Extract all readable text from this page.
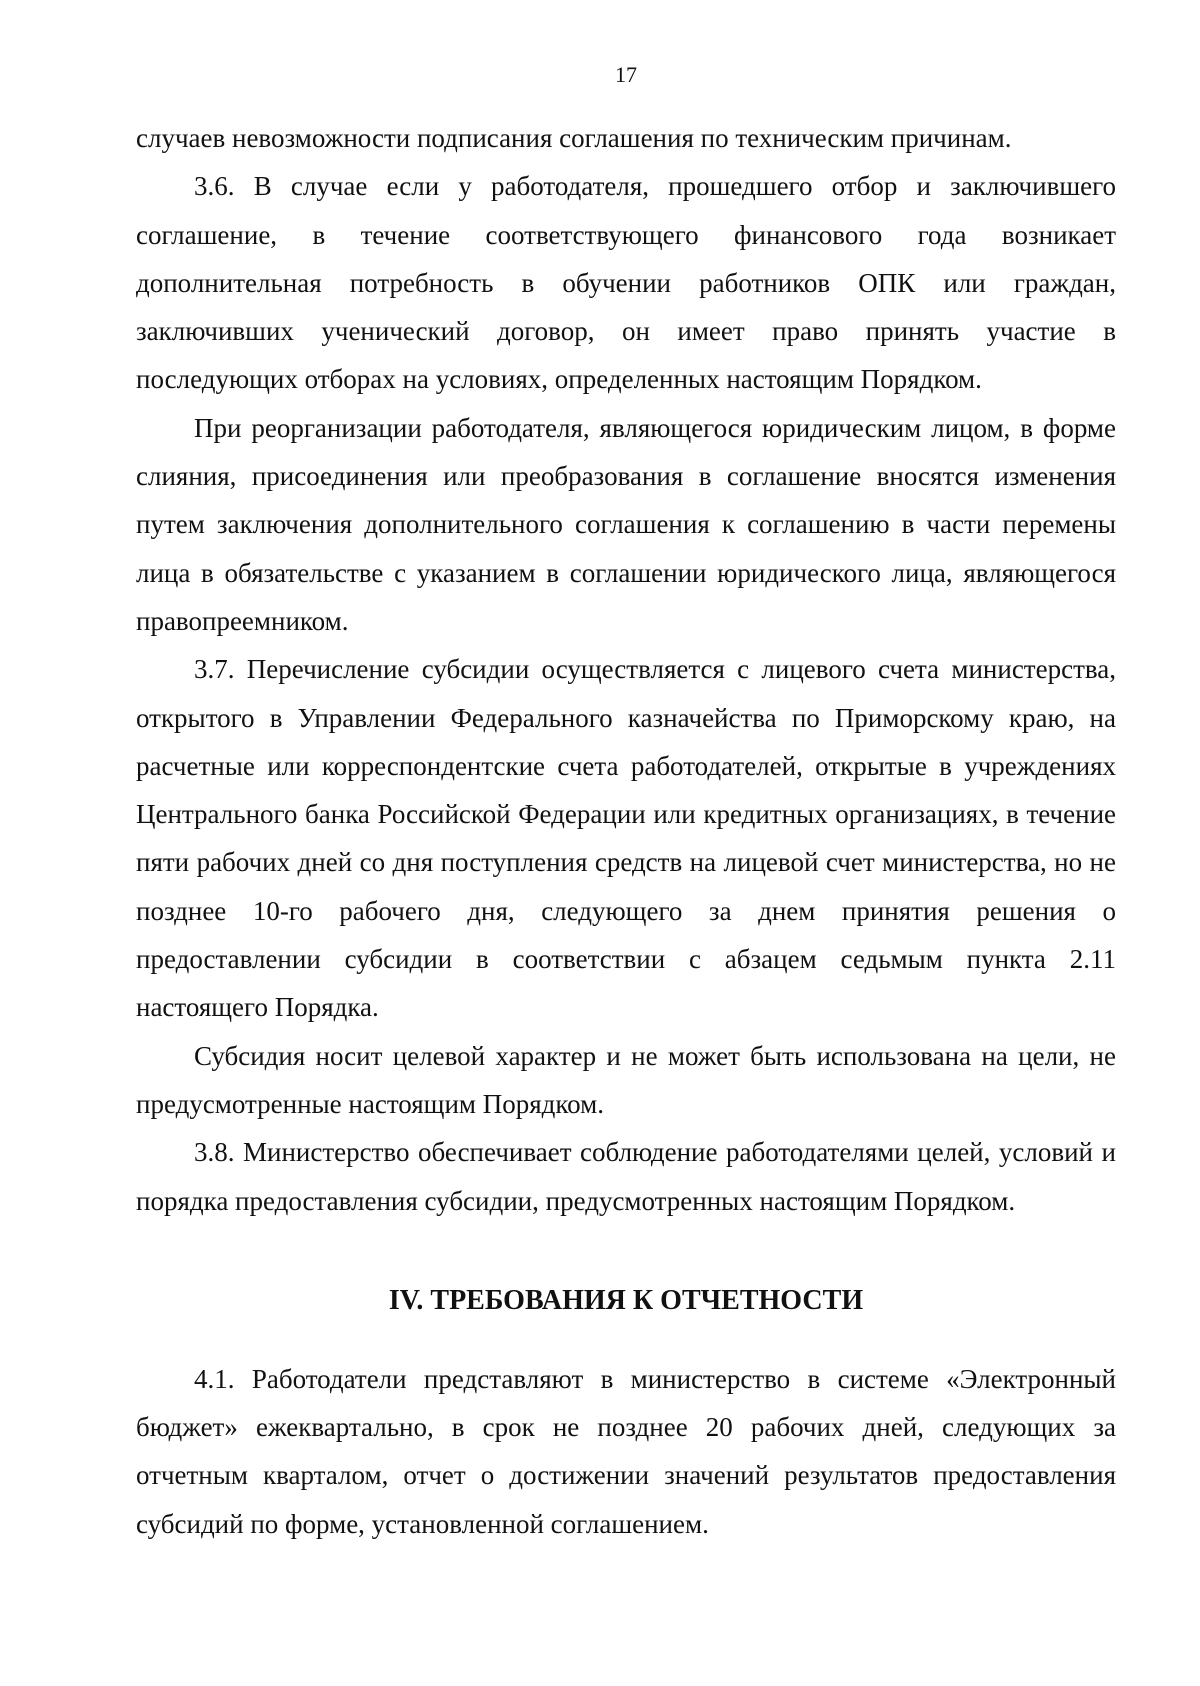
17

случаев невозможности подписания соглашения по техническим причинам.

3.6. В случае если у работодателя, прошедшего отбор и заключившего соглашение, в течение соответствующего финансового года возникает дополнительная потребность в обучении работников ОПК или граждан, заключивших ученический договор, он имеет право принять участие в последующих отборах на условиях, определенных настоящим Порядком.

При реорганизации работодателя, являющегося юридическим лицом, в форме слияния, присоединения или преобразования в соглашение вносятся изменения путем заключения дополнительного соглашения к соглашению в части перемены лица в обязательстве с указанием в соглашении юридического лица, являющегося правопреемником.

3.7. Перечисление субсидии осуществляется с лицевого счета министерства, открытого в Управлении Федерального казначейства по Приморскому краю, на расчетные или корреспондентские счета работодателей, открытые в учреждениях Центрального банка Российской Федерации или кредитных организациях, в течение пяти рабочих дней со дня поступления средств на лицевой счет министерства, но не позднее 10-го рабочего дня, следующего за днем принятия решения о предоставлении субсидии в соответствии с абзацем седьмым пункта 2.11 настоящего Порядка.

Субсидия носит целевой характер и не может быть использована на цели, не предусмотренные настоящим Порядком.

3.8. Министерство обеспечивает соблюдение работодателями целей, условий и порядка предоставления субсидии, предусмотренных настоящим Порядком.

IV. ТРЕБОВАНИЯ К ОТЧЕТНОСТИ

4.1. Работодатели представляют в министерство в системе «Электронный бюджет» ежеквартально, в срок не позднее 20 рабочих дней, следующих за отчетным кварталом, отчет о достижении значений результатов предоставления субсидий по форме, установленной соглашением.
